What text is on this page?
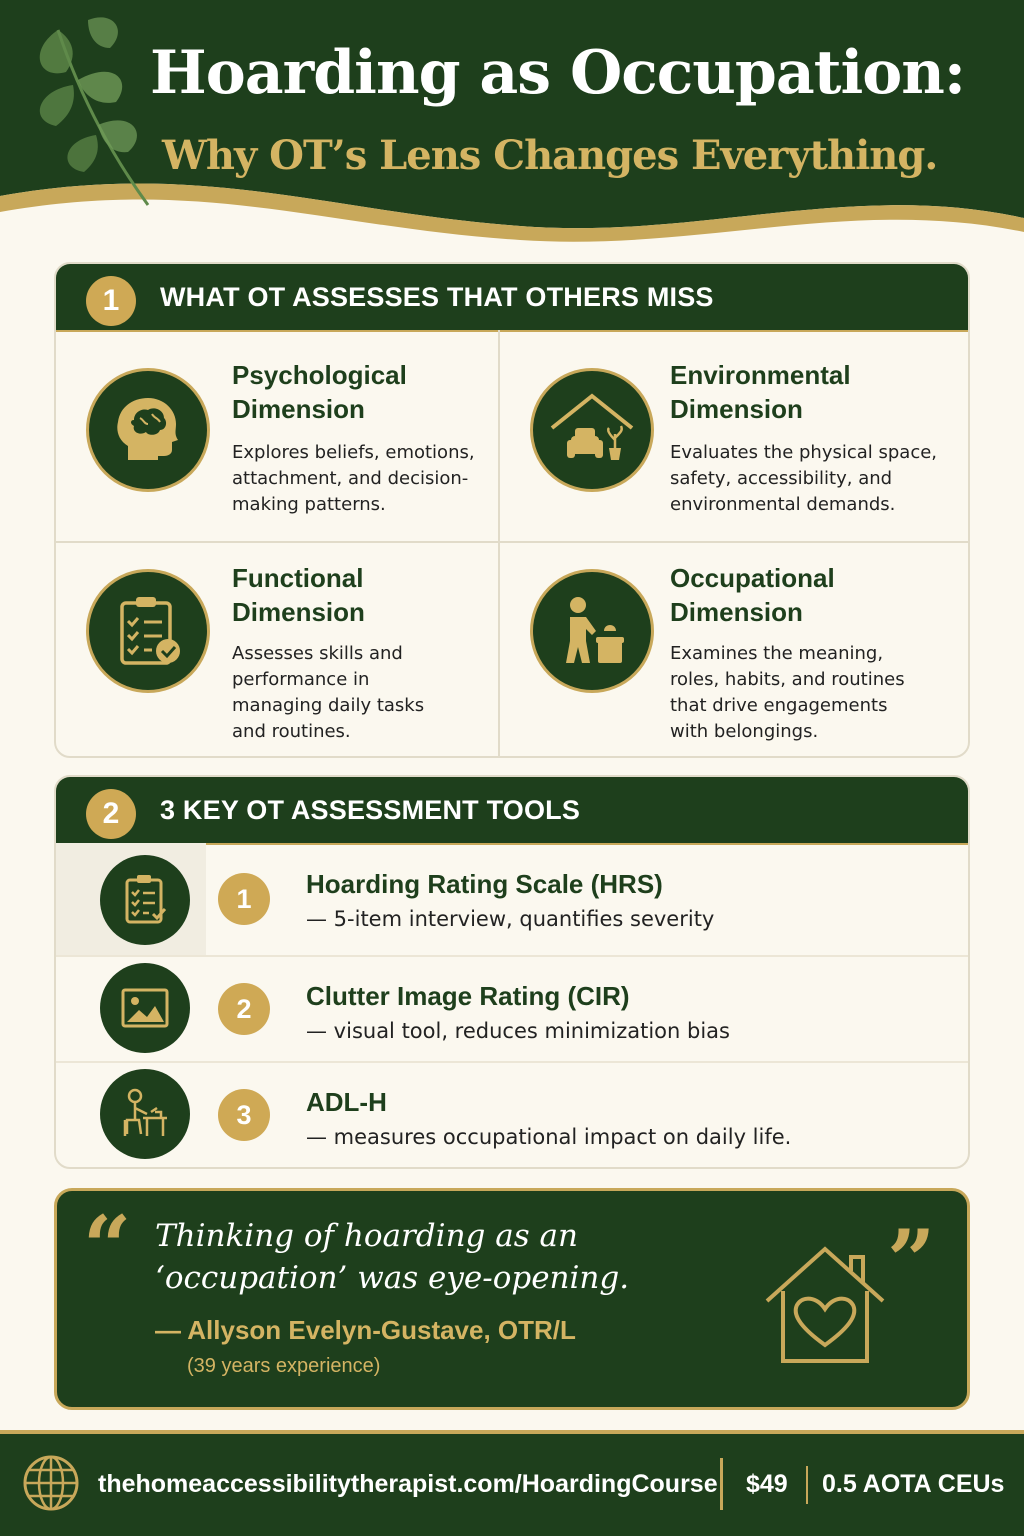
Hoarding as Occupation:
Why OT’s Lens Changes Everything.
1	WHAT OT ASSESSES THAT OTHERS MISS
Psychological Dimension
Explores beliefs, emotions, attachment, and decision-making patterns.
Environmental Dimension
Evaluates the physical space, safety, accessibility, and environmental demands.
Functional Dimension
Assesses skills and performance in managing daily tasks and routines.
Occupational Dimension
Examines the meaning, roles, habits, and routines that drive engagements with belongings.
2	3 KEY OT ASSESSMENT TOOLS
1	Hoarding Rating Scale (HRS)
— 5-item interview, quantifies severity
2	Clutter Image Rating (CIR)
— visual tool, reduces minimization bias
3	ADL-H
— measures occupational impact on daily life.
“	”
Thinking of hoarding as an ‘occupation’ was eye-opening.
— Allyson Evelyn-Gustave, OTR/L
(39 years experience)
thehomeaccessibilitytherapist.com/HoardingCourse $49 0.5 AOTA CEUs
